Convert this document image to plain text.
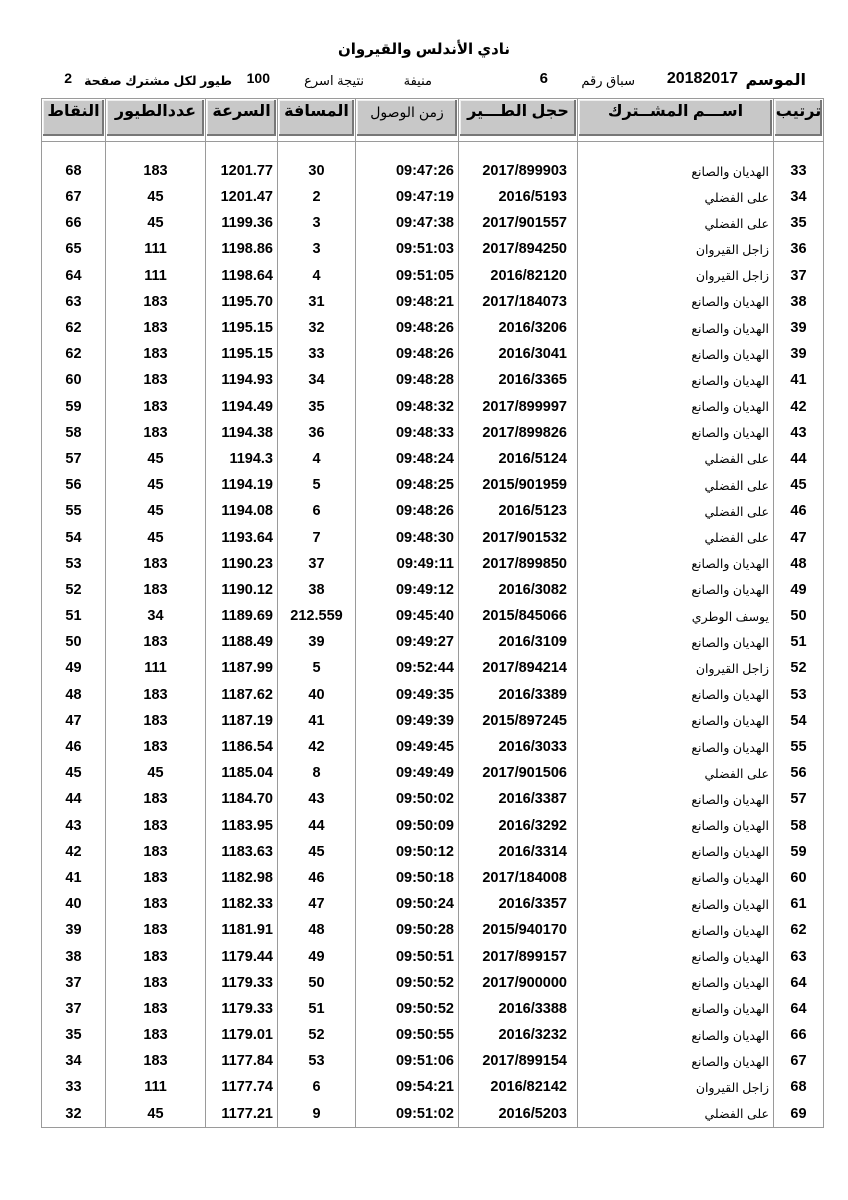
نادي الأندلس والقيروان
الموسم
20182017
سباق رقم
6
منيفة
نتيجة اسرع
100
طيور لكل مشترك صفحة
2
ترتيب	اســـم المشــترك	حجل الطـــير	زمن الوصول	المسافة	السرعة	عددالطيور	النقاط

33	الهديان والصانع	2017/899903	09:47:26	30	1201.77	183	68
34	على الفضلي	2016/5193	09:47:19	2	1201.47	45	67
35	على الفضلي	2017/901557	09:47:38	3	1199.36	45	66
36	زاجل القيروان	2017/894250	09:51:03	3	1198.86	111	65
37	زاجل القيروان	2016/82120	09:51:05	4	1198.64	111	64
38	الهديان والصانع	2017/184073	09:48:21	31	1195.70	183	63
39	الهديان والصانع	2016/3206	09:48:26	32	1195.15	183	62
39	الهديان والصانع	2016/3041	09:48:26	33	1195.15	183	62
41	الهديان والصانع	2016/3365	09:48:28	34	1194.93	183	60
42	الهديان والصانع	2017/899997	09:48:32	35	1194.49	183	59
43	الهديان والصانع	2017/899826	09:48:33	36	1194.38	183	58
44	على الفضلي	2016/5124	09:48:24	4	1194.3	45	57
45	على الفضلي	2015/901959	09:48:25	5	1194.19	45	56
46	على الفضلي	2016/5123	09:48:26	6	1194.08	45	55
47	على الفضلي	2017/901532	09:48:30	7	1193.64	45	54
48	الهديان والصانع	2017/899850	09:49:11	37	1190.23	183	53
49	الهديان والصانع	2016/3082	09:49:12	38	1190.12	183	52
50	يوسف الوطري	2015/845066	09:45:40	212.559	1189.69	34	51
51	الهديان والصانع	2016/3109	09:49:27	39	1188.49	183	50
52	زاجل القيروان	2017/894214	09:52:44	5	1187.99	111	49
53	الهديان والصانع	2016/3389	09:49:35	40	1187.62	183	48
54	الهديان والصانع	2015/897245	09:49:39	41	1187.19	183	47
55	الهديان والصانع	2016/3033	09:49:45	42	1186.54	183	46
56	على الفضلي	2017/901506	09:49:49	8	1185.04	45	45
57	الهديان والصانع	2016/3387	09:50:02	43	1184.70	183	44
58	الهديان والصانع	2016/3292	09:50:09	44	1183.95	183	43
59	الهديان والصانع	2016/3314	09:50:12	45	1183.63	183	42
60	الهديان والصانع	2017/184008	09:50:18	46	1182.98	183	41
61	الهديان والصانع	2016/3357	09:50:24	47	1182.33	183	40
62	الهديان والصانع	2015/940170	09:50:28	48	1181.91	183	39
63	الهديان والصانع	2017/899157	09:50:51	49	1179.44	183	38
64	الهديان والصانع	2017/900000	09:50:52	50	1179.33	183	37
64	الهديان والصانع	2016/3388	09:50:52	51	1179.33	183	37
66	الهديان والصانع	2016/3232	09:50:55	52	1179.01	183	35
67	الهديان والصانع	2017/899154	09:51:06	53	1177.84	183	34
68	زاجل القيروان	2016/82142	09:54:21	6	1177.74	111	33
69	على الفضلي	2016/5203	09:51:02	9	1177.21	45	32
